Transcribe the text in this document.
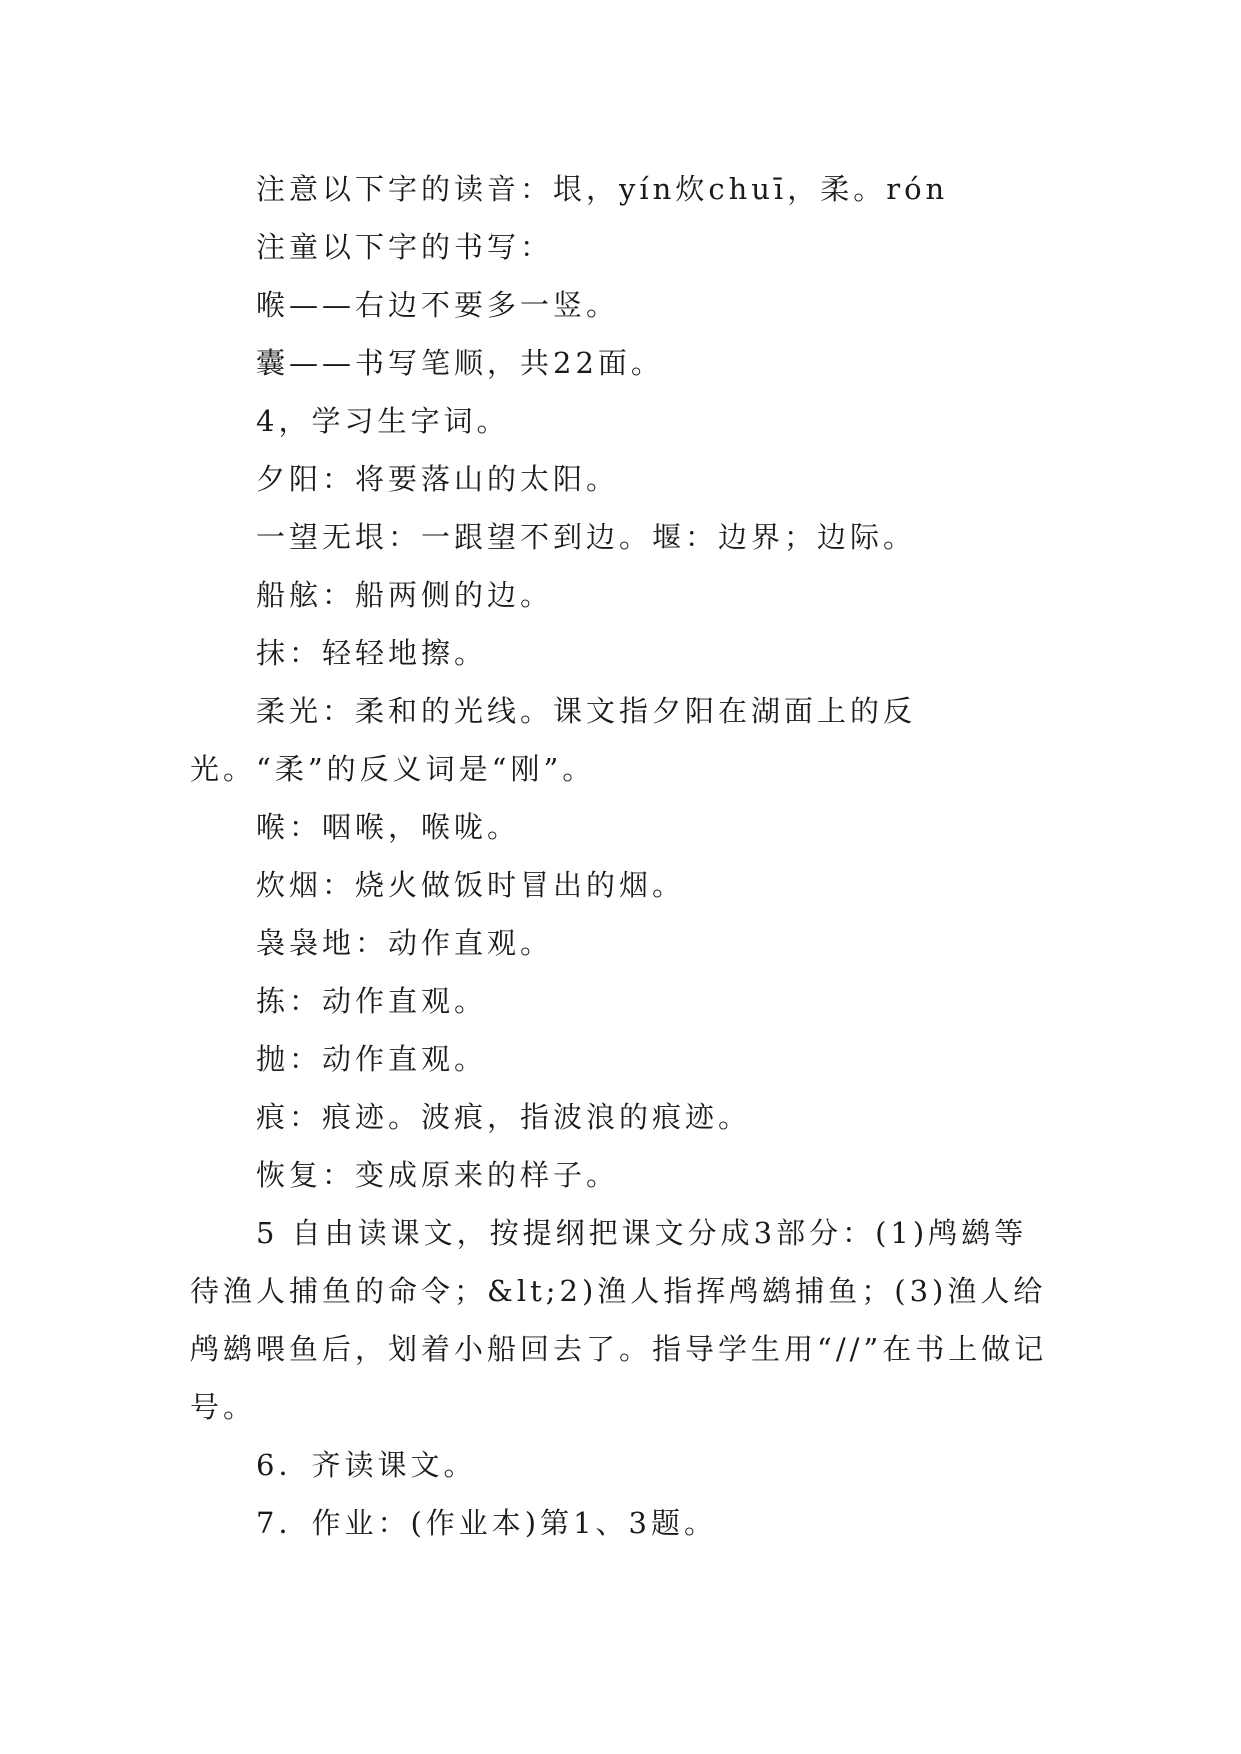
注意以下字的读音：垠，yín炊chuī，柔。rón

注童以下字的书写：

喉——右边不要多一竖。

囊——书写笔顺，共22面。

4，学习生字词。

夕阳：将要落山的太阳。

一望无垠：一跟望不到边。堰：边界；边际。

船舷：船两侧的边。

抹：轻轻地擦。

柔光：柔和的光线。课文指夕阳在湖面上的反光。“柔”的反义词是“刚”。

喉：咽喉，喉咙。

炊烟：烧火做饭时冒出的烟。

袅袅地：动作直观。

拣：动作直观。

抛：动作直观。

痕：痕迹。波痕，指波浪的痕迹。

恢复：变成原来的样子。

5 自由读课文，按提纲把课文分成3部分：(1)鸬鹚等待渔人捕鱼的命令；&lt;2)渔人指挥鸬鹚捕鱼；(3)渔人给鸬鹚喂鱼后，划着小船回去了。指导学生用“//”在书上做记号。

6．齐读课文。

7．作业：(作业本)第1、3题。
